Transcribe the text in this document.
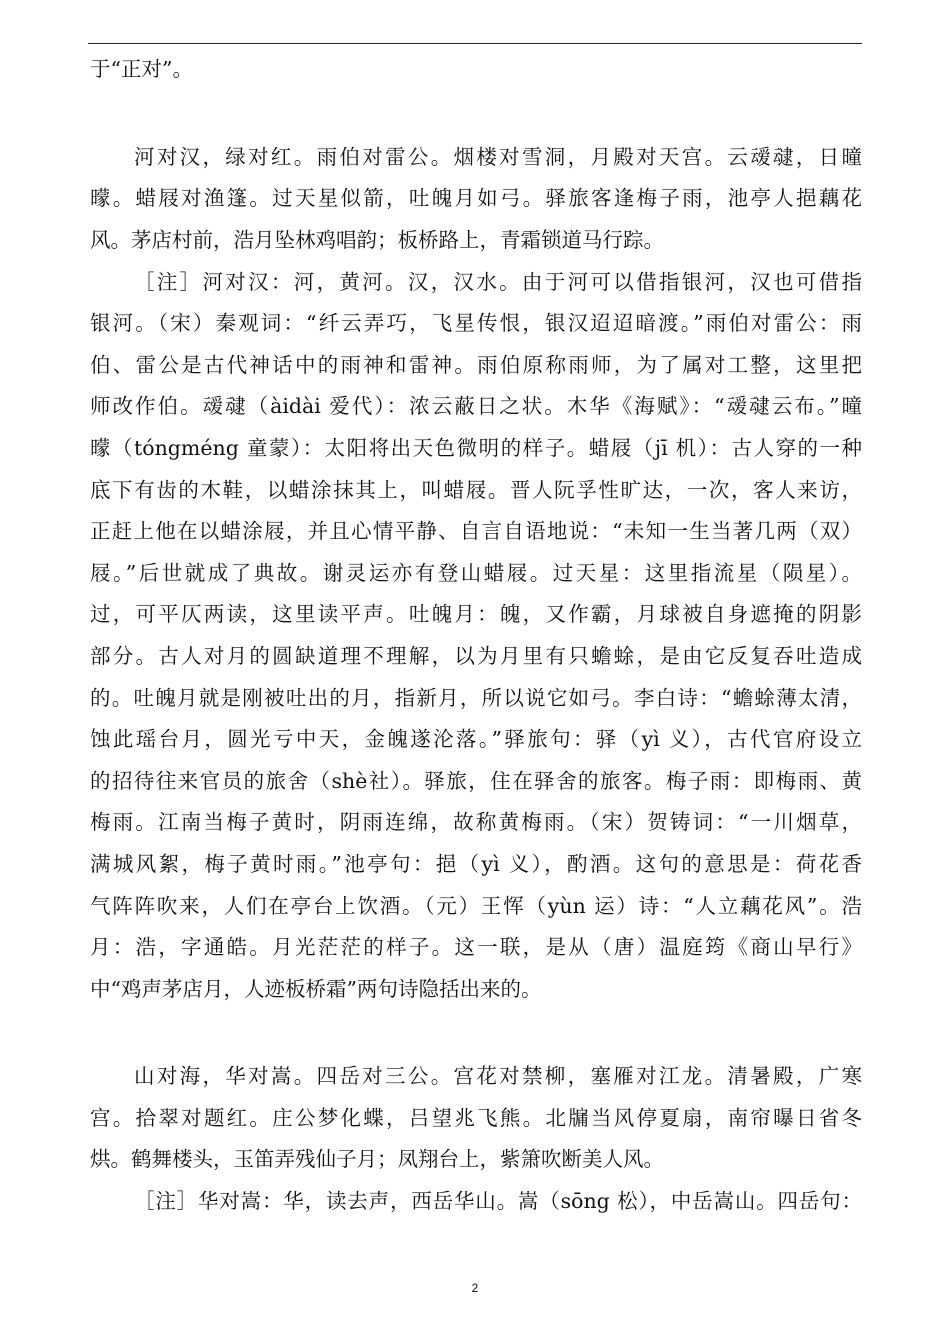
于“正对”。
河对汉，绿对红。雨伯对雷公。烟楼对雪洞，月殿对天宫。云叆叇，日曈
曚。蜡屐对渔篷。过天星似箭，吐魄月如弓。驿旅客逢梅子雨，池亭人挹藕花
风。茅店村前，浩月坠林鸡唱韵；板桥路上，青霜锁道马行踪。
［注］河对汉：河，黄河。汉，汉水。由于河可以借指银河，汉也可借指
银河。（宋）秦观词：“纤云弄巧，飞星传恨，银汉迢迢暗渡。”雨伯对雷公：雨
伯、雷公是古代神话中的雨神和雷神。雨伯原称雨师，为了属对工整，这里把
师改作伯。叆叇（àidài 爱代）：浓云蔽日之状。木华《海赋》：“叆叇云布。”曈
曚（tóngméng 童蒙）：太阳将出天色微明的样子。蜡屐（jī 机）：古人穿的一种
底下有齿的木鞋，以蜡涂抹其上，叫蜡屐。晋人阮孚性旷达，一次，客人来访，
正赶上他在以蜡涂屐，并且心情平静、自言自语地说：“未知一生当著几两（双）
屐。”后世就成了典故。谢灵运亦有登山蜡屐。过天星：这里指流星（陨星）。
过，可平仄两读，这里读平声。吐魄月：魄，又作霸，月球被自身遮掩的阴影
部分。古人对月的圆缺道理不理解，以为月里有只蟾蜍，是由它反复吞吐造成
的。吐魄月就是刚被吐出的月，指新月，所以说它如弓。李白诗：“蟾蜍薄太清，
蚀此瑶台月，圆光亏中天，金魄遂沦落。”驿旅句：驿（yì 义），古代官府设立
的招待往来官员的旅舍（shè社）。驿旅，住在驿舍的旅客。梅子雨：即梅雨、黄
梅雨。江南当梅子黄时，阴雨连绵，故称黄梅雨。（宋）贺铸词：“一川烟草，
满城风絮，梅子黄时雨。”池亭句：挹（yì 义），酌酒。这句的意思是：荷花香
气阵阵吹来，人们在亭台上饮酒。（元）王恽（yùn 运）诗：“人立藕花风”。浩
月：浩，字通皓。月光茫茫的样子。这一联，是从（唐）温庭筠《商山早行》
中“鸡声茅店月，人迹板桥霜”两句诗隐括出来的。
山对海，华对嵩。四岳对三公。宫花对禁柳，塞雁对江龙。清暑殿，广寒
宫。拾翠对题红。庄公梦化蝶，吕望兆飞熊。北牖当风停夏扇，南帘曝日省冬
烘。鹤舞楼头，玉笛弄残仙子月；凤翔台上，紫箫吹断美人风。
［注］华对嵩：华，读去声，西岳华山。嵩（sōng 松），中岳嵩山。四岳句：
2
